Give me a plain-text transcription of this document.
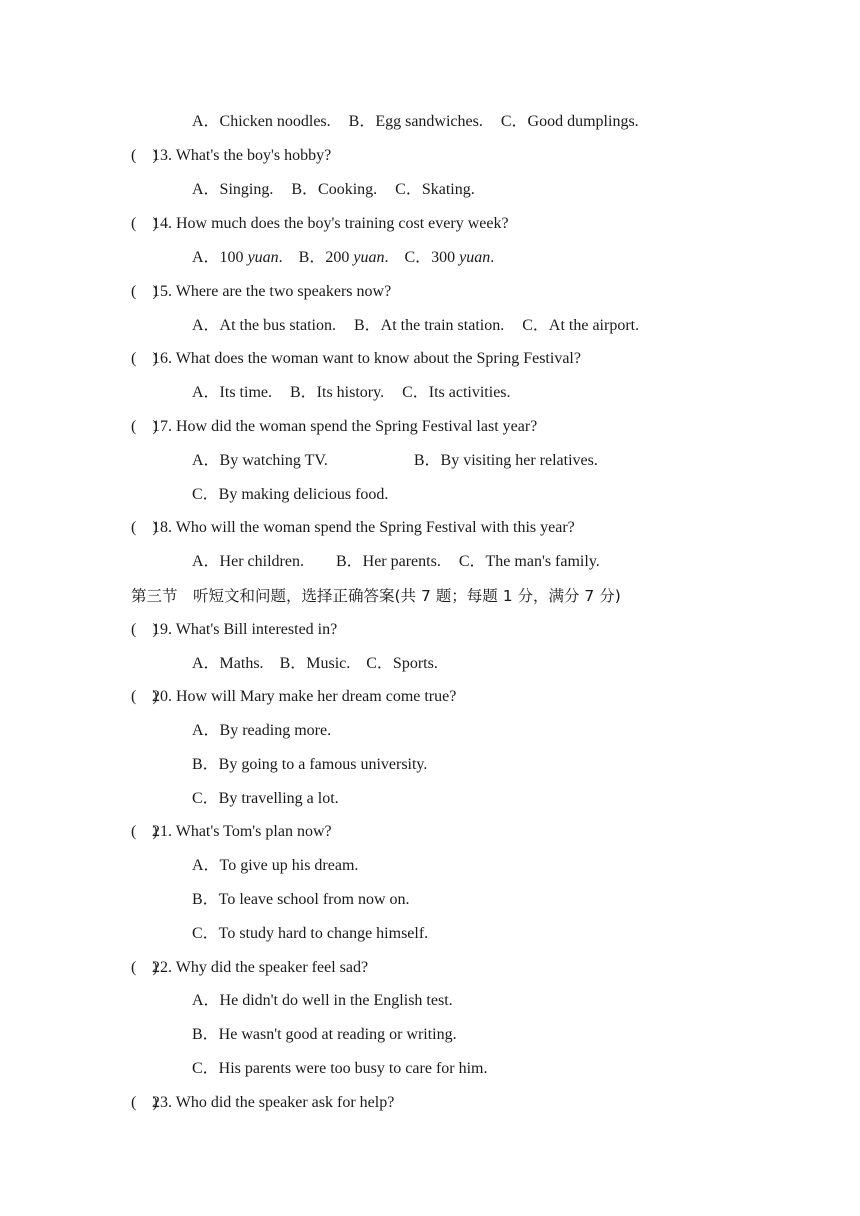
A．Chicken noodles. B．Egg sandwiches. C．Good dumplings.
(　)13. What's the boy's hobby?
A．Singing. B．Cooking. C．Skating.
(　)14. How much does the boy's training cost every week?
A．100 yuan. B．200 yuan. C．300 yuan.
(　)15. Where are the two speakers now?
A．At the bus station. B．At the train station. C．At the airport.
(　)16. What does the woman want to know about the Spring Festival?
A．Its time. B．Its history. C．Its activities.
(　)17. How did the woman spend the Spring Festival last year?
A．By watching TV.	B．By visiting her relatives.
C．By making delicious food.
(　)18. Who will the woman spend the Spring Festival with this year?
A．Her children. B．Her parents. C．The man's family.
第三节　听短文和问题，选择正确答案(共 7 题；每题 1 分，满分 7 分)
(　)19. What's Bill interested in?
A．Maths. B．Music. C．Sports.
(　)20. How will Mary make her dream come true?
A．By reading more.
B．By going to a famous university.
C．By travelling a lot.
(　)21. What's Tom's plan now?
A．To give up his dream.
B．To leave school from now on.
C．To study hard to change himself.
(　)22. Why did the speaker feel sad?
A．He didn't do well in the English test.
B．He wasn't good at reading or writing.
C．His parents were too busy to care for him.
(　)23. Who did the speaker ask for help?
